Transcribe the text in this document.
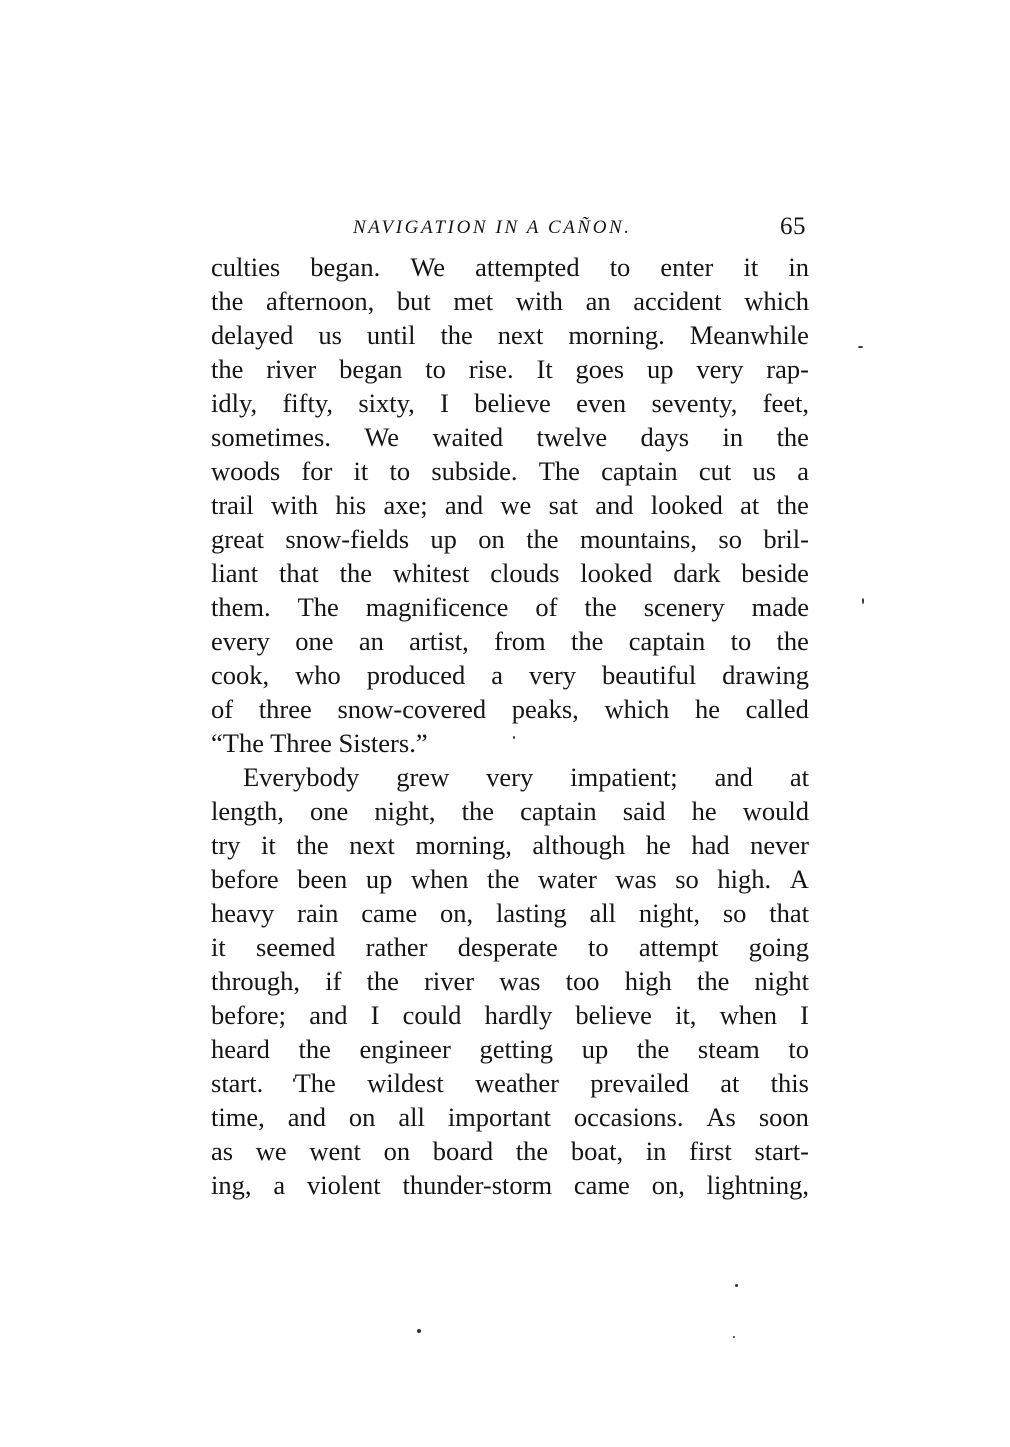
NAVIGATION IN A CAÑON.	65
culties began. We attempted to enter it in
the afternoon, but met with an accident which
delayed us until the next morning. Meanwhile
the river began to rise. It goes up very rap-
idly, fifty, sixty, I believe even seventy, feet,
sometimes. We waited twelve days in the
woods for it to subside. The captain cut us a
trail with his axe; and we sat and looked at the
great snow-fields up on the mountains, so bril-
liant that the whitest clouds looked dark beside
them. The magnificence of the scenery made
every one an artist, from the captain to the
cook, who produced a very beautiful drawing
of three snow-covered peaks, which he called
“The Three Sisters.”
Everybody grew very impatient; and at
length, one night, the captain said he would
try it the next morning, although he had never
before been up when the water was so high. A
heavy rain came on, lasting all night, so that
it seemed rather desperate to attempt going
through, if the river was too high the night
before; and I could hardly believe it, when I
heard the engineer getting up the steam to
start. The wildest weather prevailed at this
time, and on all important occasions. As soon
as we went on board the boat, in first start-
ing, a violent thunder-storm came on, lightning,
